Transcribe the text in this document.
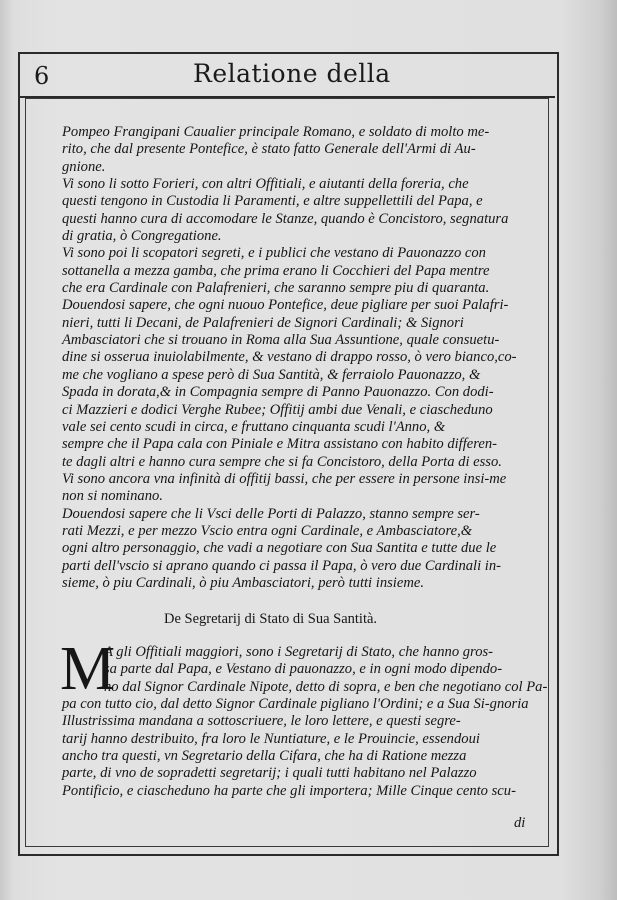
6	Relatione della
Pompeo Frangipani Caualier principale Romano, e soldato di molto me-
rito, che dal presente Pontefice, è stato fatto Generale dell'Armi di Au-
gnione.
Vi sono li sotto Forieri, con altri Offitiali, e aiutanti della foreria, che
questi tengono in Custodia li Paramenti, e altre suppellettili del Papa, e
questi hanno cura di accomodare le Stanze, quando è Concistoro, segnatura
di gratia, ò Congregatione.
Vi sono poi li scopatori segreti, e i publici che vestano di Pauonazzo con
sottanella a mezza gamba, che prima erano li Cocchieri del Papa mentre
che era Cardinale con Palafrenieri, che saranno sempre piu di quaranta.
Douendosi sapere, che ogni nuouo Pontefice, deue pigliare per suoi Palafri-
nieri, tutti li Decani, de Palafrenieri de Signori Cardinali; & Signori
Ambasciatori che si trouano in Roma alla Sua Assuntione, quale consuetu-
dine si osserua inuiolabilmente, & vestano di drappo rosso, ò vero bianco,co-
me che vogliano a spese però di Sua Santità, & ferraiolo Pauonazzo, &
Spada in dorata,& in Compagnia sempre di Panno Pauonazzo. Con dodi-
ci Mazzieri e dodici Verghe Rubee; Offitij ambi due Venali, e ciascheduno
vale sei cento scudi in circa, e fruttano cinquanta scudi l'Anno, &
sempre che il Papa cala con Piniale e Mitra assistano con habito differen-
te dagli altri e hanno cura sempre che si fa Concistoro, della Porta di esso.
Vi sono ancora vna infinità di offitij bassi, che per essere in persone insi-me
non si nominano.
Douendosi sapere che li Vsci delle Porti di Palazzo, stanno sempre ser-
rati Mezzi, e per mezzo Vscio entra ogni Cardinale, e Ambasciatore,&
ogni altro personaggio, che vadi a negotiare con Sua Santita e tutte due le
parti dell'vscio si aprano quando ci passa il Papa, ò vero due Cardinali in-
sieme, ò piu Cardinali, ò piu Ambasciatori, però tutti insieme.
De Segretarij di Stato di Sua Santità.
M
A gli Offitiali maggiori, sono i Segretarij di Stato, che hanno gros-
sa parte dal Papa, e Vestano di pauonazzo, e in ogni modo dipendo-
no dal Signor Cardinale Nipote, detto di sopra, e ben che negotiano col Pa-
pa con tutto cio, dal detto Signor Cardinale pigliano l'Ordini; e a Sua Si-gnoria
Illustrissima mandana a sottoscriuere, le loro lettere, e questi segre-
tarij hanno destribuito, fra loro le Nuntiature, e le Prouincie, essendoui
ancho tra questi, vn Segretario della Cifara, che ha di Ratione mezza
parte, di vno de sopradetti segretarij; i quali tutti habitano nel Palazzo
Pontificio, e ciascheduno ha parte che gli importera; Mille Cinque cento scu-
di
